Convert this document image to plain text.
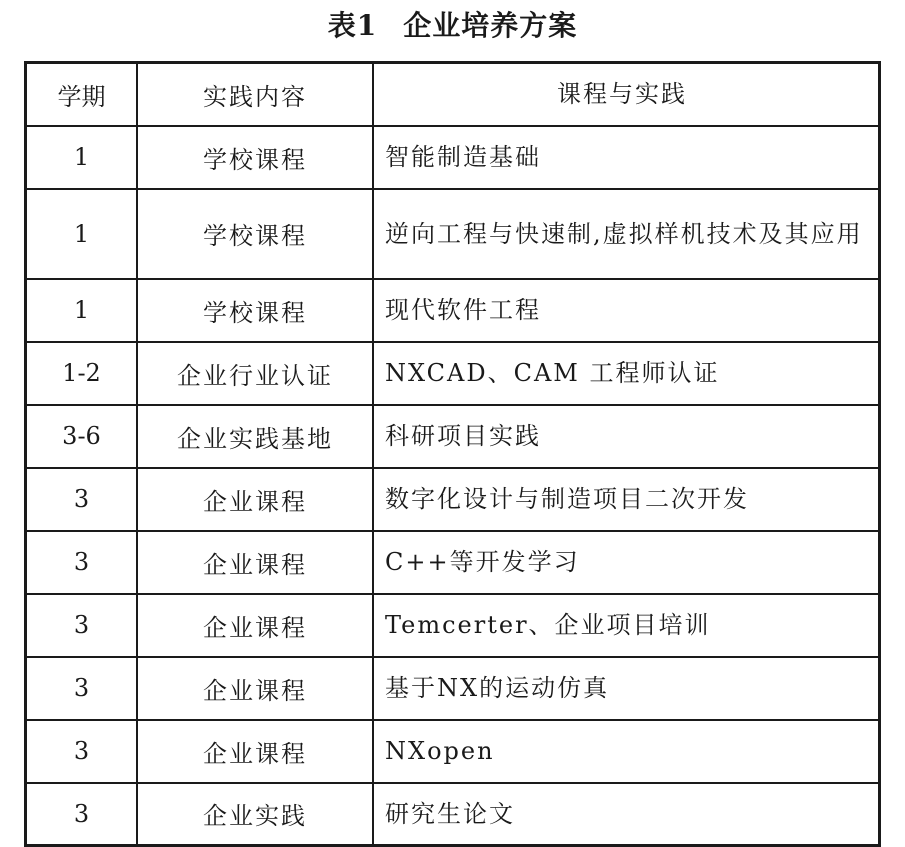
表1 企业培养方案
学期	实践内容	课程与实践
1	学校课程	智能制造基础
1	学校课程	逆向工程与快速制,虚拟样机技术及其应用
1	学校课程	现代软件工程
1-2	企业行业认证	NXCAD、CAM 工程师认证
3-6	企业实践基地	科研项目实践
3	企业课程	数字化设计与制造项目二次开发
3	企业课程	C++等开发学习
3	企业课程	Temcerter、企业项目培训
3	企业课程	基于NX的运动仿真
3	企业课程	NXopen
3	企业实践	研究生论文
